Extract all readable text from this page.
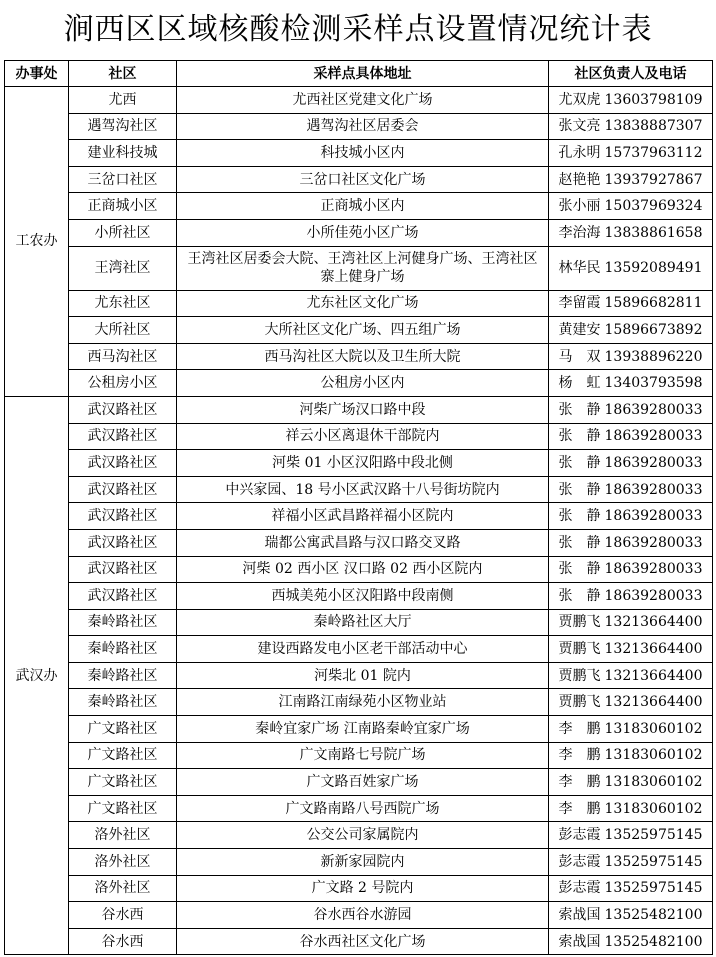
涧西区区域核酸检测采样点设置情况统计表
办事处	社区	采样点具体地址	社区负责人及电话
工农办	尤西	尤西社区党建文化广场	尤双虎 13603798109
	遇驾沟社区	遇驾沟社区居委会	张文亮 13838887307
	建业科技城	科技城小区内	孔永明 15737963112
	三岔口社区	三岔口社区文化广场	赵艳艳 13937927867
	正商城小区	正商城小区内	张小丽 15037969324
	小所社区	小所佳苑小区广场	李治海 13838861658
	王湾社区	王湾社区居委会大院、王湾社区上河健身广场、王湾社区寨上健身广场	林华民 13592089491
	尤东社区	尤东社区文化广场	李留霞 15896682811
	大所社区	大所社区文化广场、四五组广场	黄建安 15896673892
	西马沟社区	西马沟社区大院以及卫生所大院	马　双 13938896220
	公租房小区	公租房小区内	杨　虹 13403793598
武汉办	武汉路社区	河柴广场汉口路中段	张　静 18639280033
	武汉路社区	祥云小区离退休干部院内	张　静 18639280033
	武汉路社区	河柴 01 小区汉阳路中段北侧	张　静 18639280033
	武汉路社区	中兴家园、18 号小区武汉路十八号街坊院内	张　静 18639280033
	武汉路社区	祥福小区武昌路祥福小区院内	张　静 18639280033
	武汉路社区	瑞都公寓武昌路与汉口路交叉路	张　静 18639280033
	武汉路社区	河柴 02 西小区 汉口路 02 西小区院内	张　静 18639280033
	武汉路社区	西城美苑小区汉阳路中段南侧	张　静 18639280033
	秦岭路社区	秦岭路社区大厅	贾鹏飞 13213664400
	秦岭路社区	建设西路发电小区老干部活动中心	贾鹏飞 13213664400
	秦岭路社区	河柴北 01 院内	贾鹏飞 13213664400
	秦岭路社区	江南路江南绿苑小区物业站	贾鹏飞 13213664400
	广文路社区	秦岭宜家广场 江南路秦岭宜家广场	李　鹏 13183060102
	广文路社区	广文南路七号院广场	李　鹏 13183060102
	广文路社区	广文路百姓家广场	李　鹏 13183060102
	广文路社区	广文路南路八号西院广场	李　鹏 13183060102
	洛外社区	公交公司家属院内	彭志霞 13525975145
	洛外社区	新新家园院内	彭志霞 13525975145
	洛外社区	广文路 2 号院内	彭志霞 13525975145
	谷水西	谷水西谷水游园	索战国 13525482100
	谷水西	谷水西社区文化广场	索战国 13525482100
